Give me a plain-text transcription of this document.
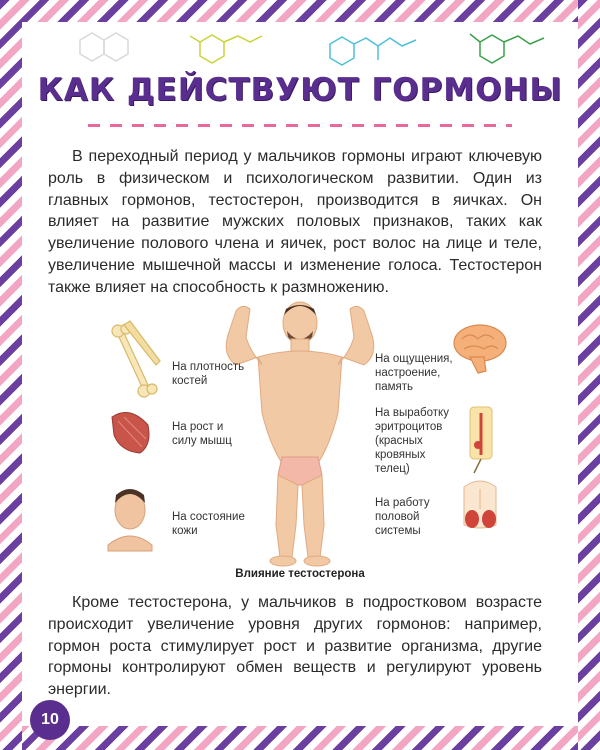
КАК ДЕЙСТВУЮТ ГОРМОНЫ

В переходный период у мальчиков гормоны играют ключевую роль в физическом и психологическом развитии. Один из главных гормонов, тестостерон, производится в яичках. Он влияет на развитие мужских половых признаков, таких как увеличение полового члена и яичек, рост волос на лице и теле, увеличение мышечной массы и изменение голоса. Тестостерон также влияет на способность к размножению.

На плотность костей
На рост и силу мышц
На состояние кожи
На ощущения, настроение, память
На выработку эритроцитов (красных кровяных телец)
На работу половой системы
Влияние тестостерона

Кроме тестостерона, у мальчиков в подростковом возрасте происходит увеличение уровня других гормонов: например, гормон роста стимулирует рост и развитие организма, другие гормоны контролируют обмен веществ и регулируют уровень энергии.

10
